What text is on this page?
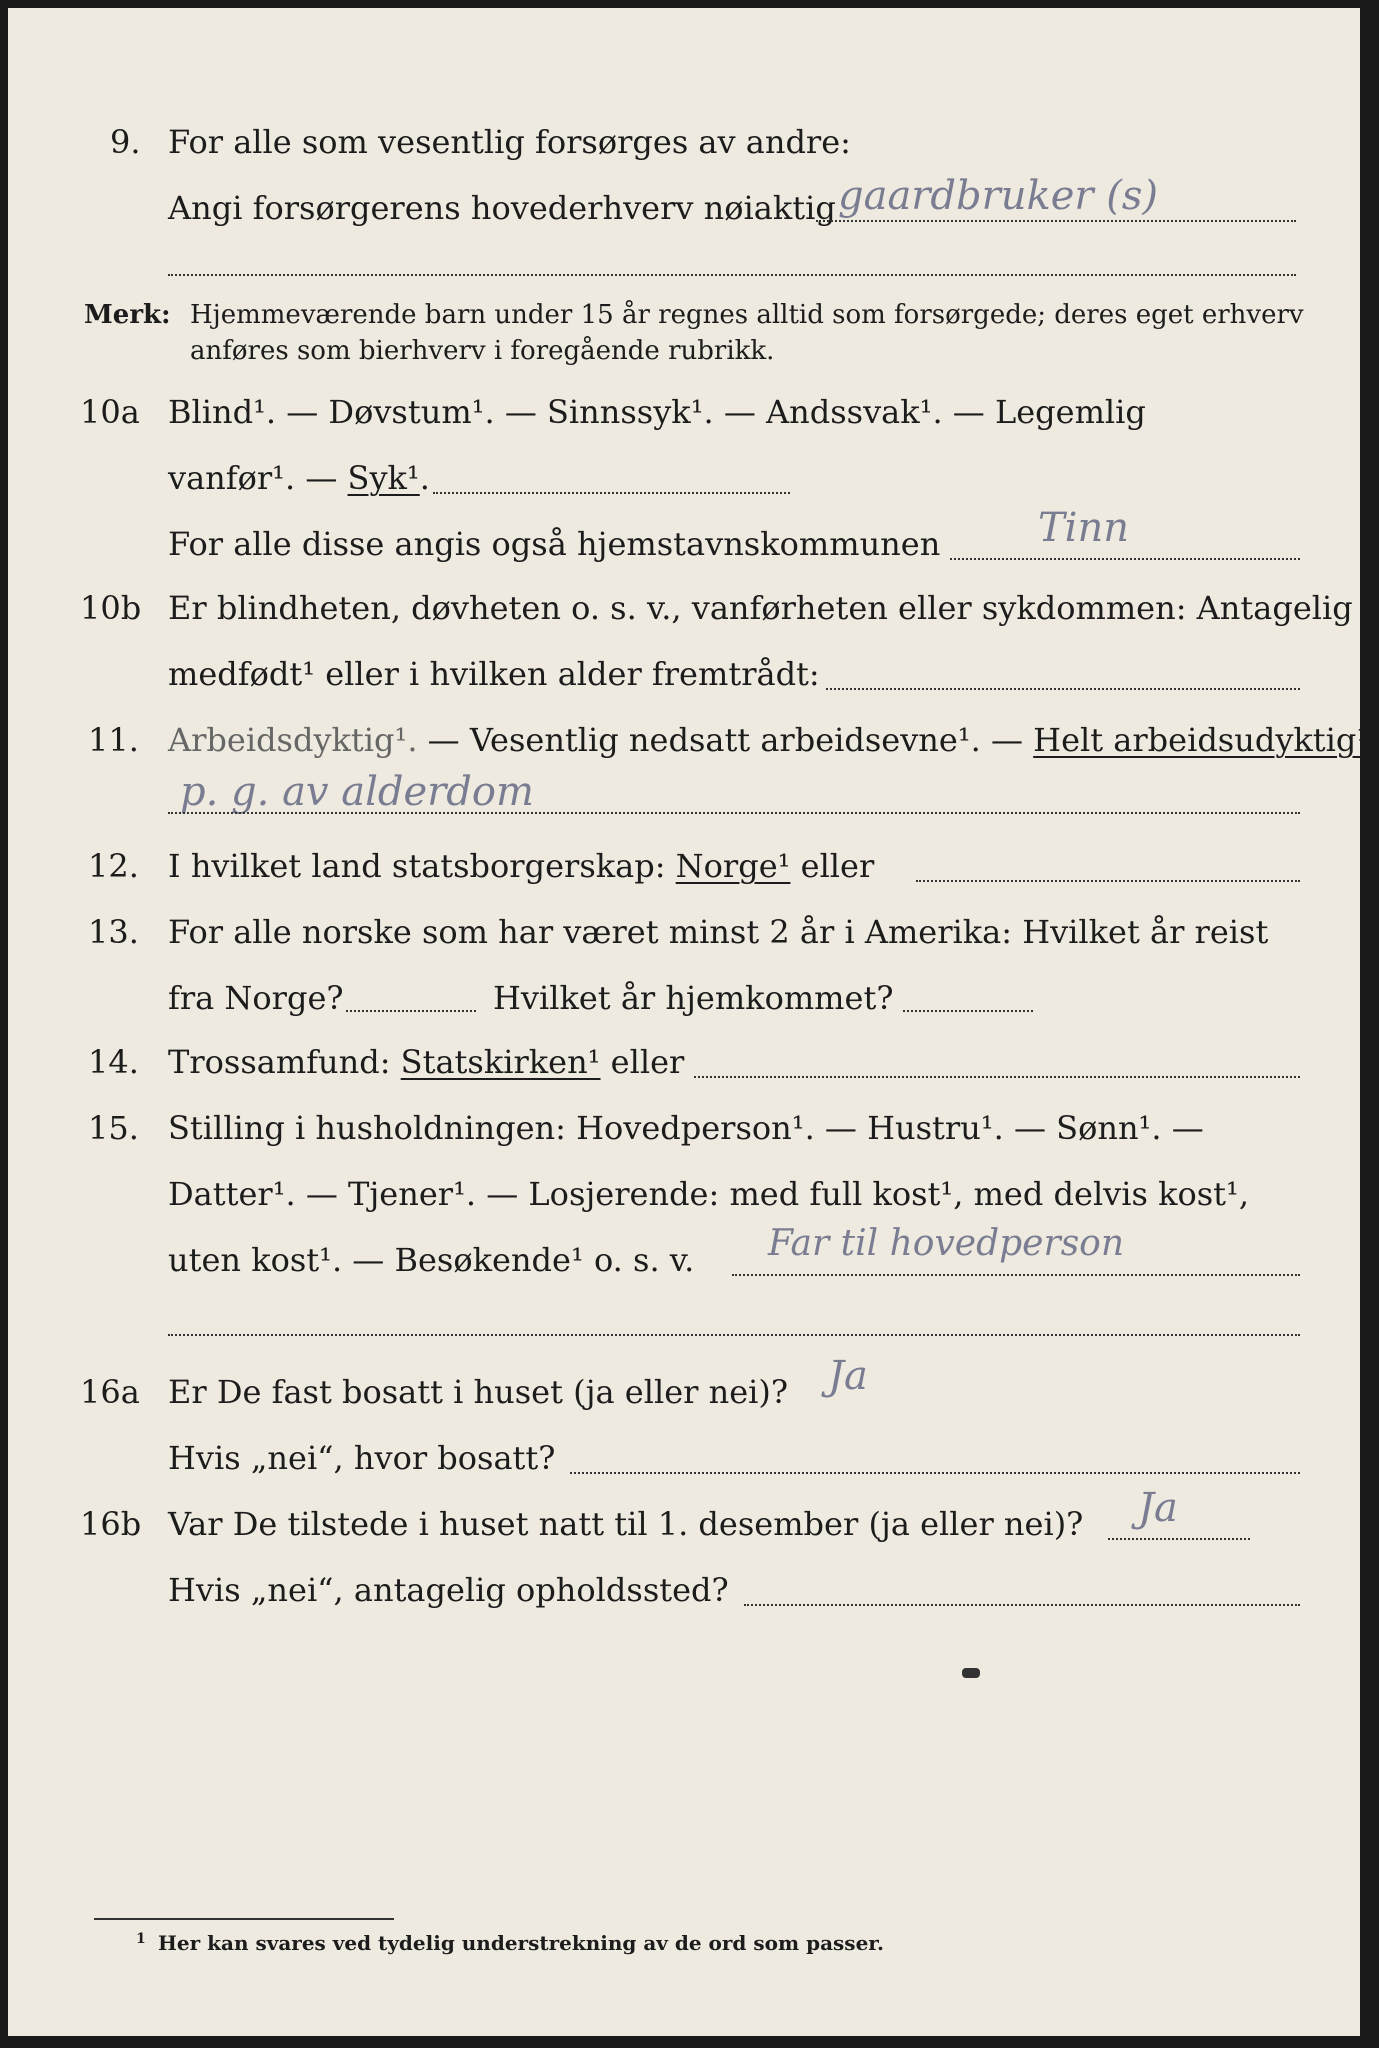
9. For alle som vesentlig forsørges av andre:
Angi forsørgerens hovederhverv nøiaktig gaardbruker (s)
Merk: Hjemmeværende barn under 15 år regnes alltid som forsørgede; deres eget erhverv
anføres som bierhverv i foregående rubrikk.
10a Blind¹. — Døvstum¹. — Sinnssyk¹. — Andssvak¹. — Legemlig
vanfør¹. — Syk¹.
For alle disse angis også hjemstavnskommunen Tinn
10b Er blindheten, døvheten o. s. v., vanførheten eller sykdommen: Antagelig
medfødt¹ eller i hvilken alder fremtrådt:
11. Arbeidsdyktig¹. — Vesentlig nedsatt arbeidsevne¹. — Helt arbeidsudyktig¹.
p. g. av alderdom
12. I hvilket land statsborgerskap: Norge¹ eller
13. For alle norske som har været minst 2 år i Amerika: Hvilket år reist
fra Norge?	Hvilket år hjemkommet?
14. Trossamfund: Statskirken¹ eller
15. Stilling i husholdningen: Hovedperson¹. — Hustru¹. — Sønn¹. —
Datter¹. — Tjener¹. — Losjerende: med full kost¹, med delvis kost¹,
uten kost¹. — Besøkende¹ o. s. v. Far til hovedperson
16a Er De fast bosatt i huset (ja eller nei)? Ja
Hvis „nei“, hvor bosatt?
16b Var De tilstede i huset natt til 1. desember (ja eller nei)? Ja
Hvis „nei“, antagelig opholdssted?
1 Her kan svares ved tydelig understrekning av de ord som passer.
